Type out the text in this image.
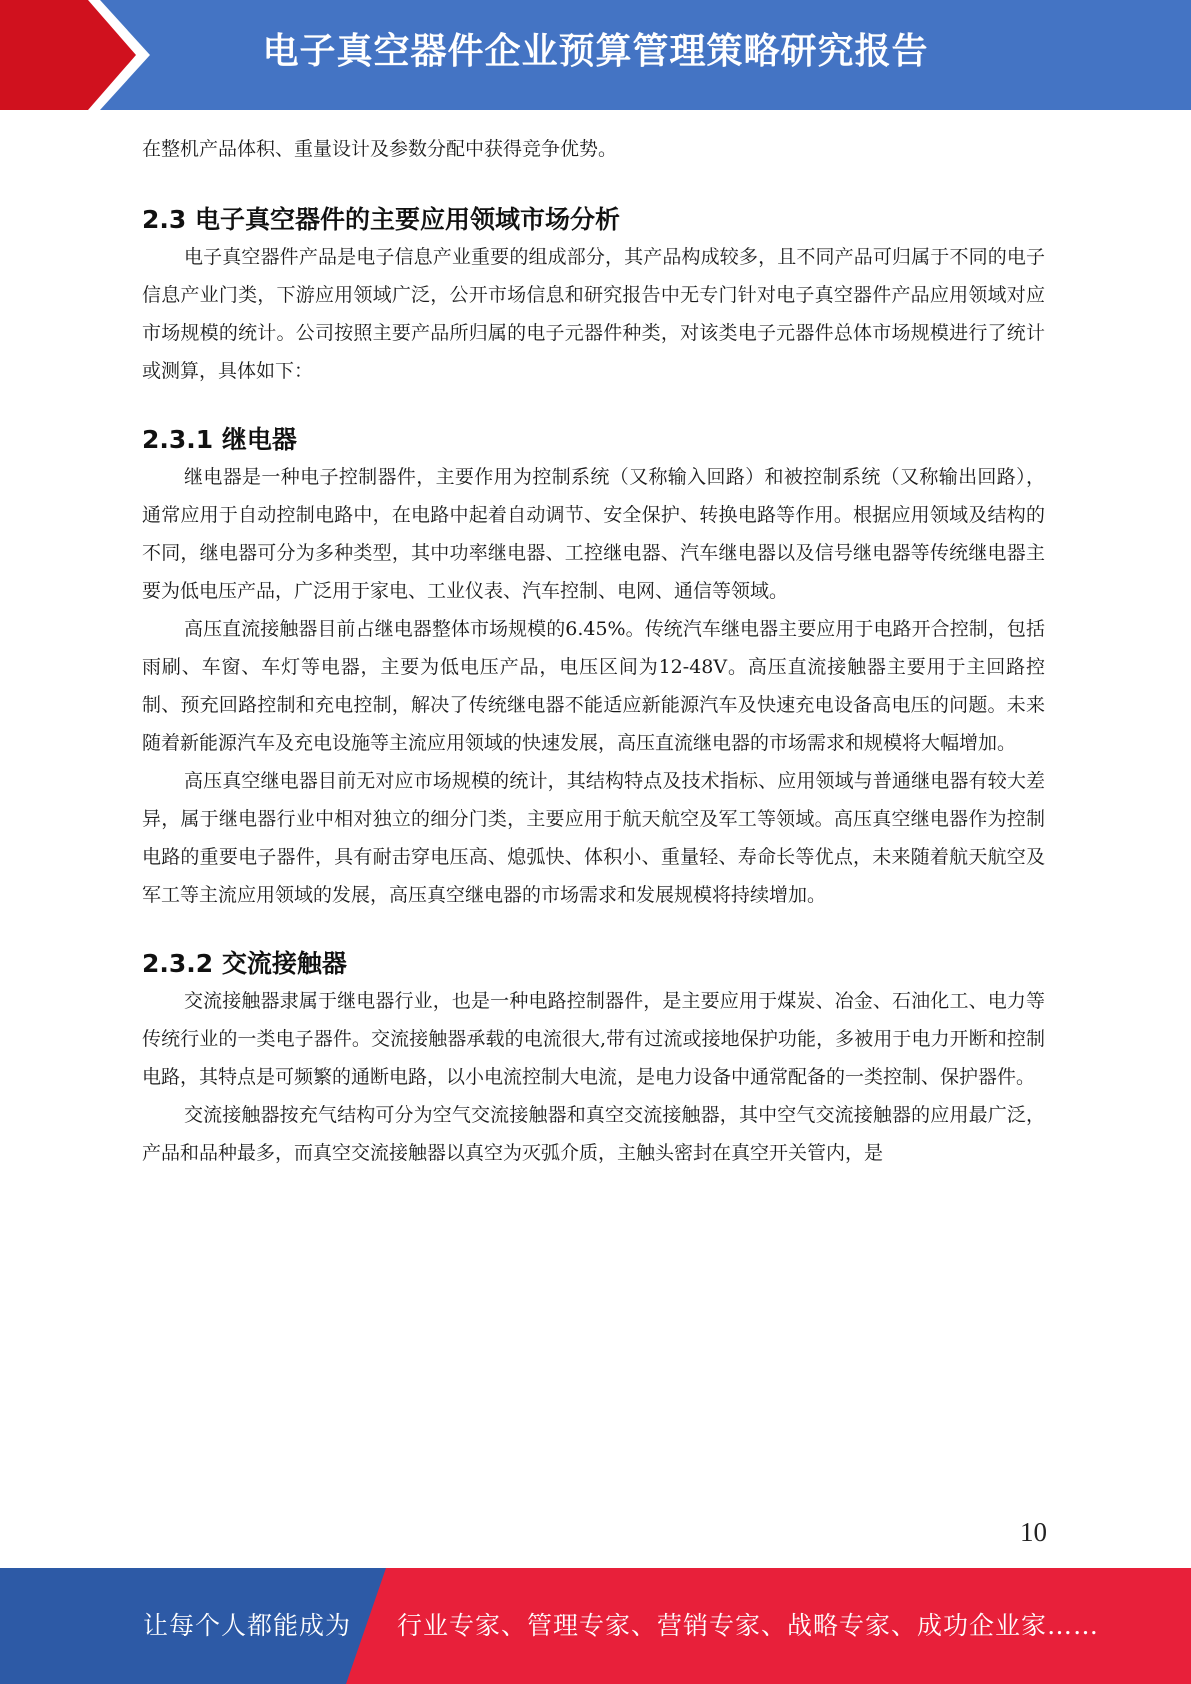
电子真空器件企业预算管理策略研究报告

在整机产品体积、重量设计及参数分配中获得竞争优势。

2.3 电子真空器件的主要应用领域市场分析

电子真空器件产品是电子信息产业重要的组成部分，其产品构成较多，且不同产品可归属于不同的电子信息产业门类，下游应用领域广泛，公开市场信息和研究报告中无专门针对电子真空器件产品应用领域对应市场规模的统计。公司按照主要产品所归属的电子元器件种类，对该类电子元器件总体市场规模进行了统计或测算，具体如下：

2.3.1 继电器

继电器是一种电子控制器件，主要作用为控制系统（又称输入回路）和被控制系统（又称输出回路），通常应用于自动控制电路中，在电路中起着自动调节、安全保护、转换电路等作用。根据应用领域及结构的不同，继电器可分为多种类型，其中功率继电器、工控继电器、汽车继电器以及信号继电器等传统继电器主要为低电压产品，广泛用于家电、工业仪表、汽车控制、电网、通信等领域。

高压直流接触器目前占继电器整体市场规模的6.45%。传统汽车继电器主要应用于电路开合控制，包括雨刷、车窗、车灯等电器，主要为低电压产品，电压区间为12-48V。高压直流接触器主要用于主回路控制、预充回路控制和充电控制，解决了传统继电器不能适应新能源汽车及快速充电设备高电压的问题。未来随着新能源汽车及充电设施等主流应用领域的快速发展，高压直流继电器的市场需求和规模将大幅增加。

高压真空继电器目前无对应市场规模的统计，其结构特点及技术指标、应用领域与普通继电器有较大差异，属于继电器行业中相对独立的细分门类，主要应用于航天航空及军工等领域。高压真空继电器作为控制电路的重要电子器件，具有耐击穿电压高、熄弧快、体积小、重量轻、寿命长等优点，未来随着航天航空及军工等主流应用领域的发展，高压真空继电器的市场需求和发展规模将持续增加。

2.3.2 交流接触器

交流接触器隶属于继电器行业，也是一种电路控制器件，是主要应用于煤炭、冶金、石油化工、电力等传统行业的一类电子器件。交流接触器承载的电流很大,带有过流或接地保护功能，多被用于电力开断和控制电路，其特点是可频繁的通断电路，以小电流控制大电流，是电力设备中通常配备的一类控制、保护器件。

交流接触器按充气结构可分为空气交流接触器和真空交流接触器，其中空气交流接触器的应用最广泛，产品和品种最多，而真空交流接触器以真空为灭弧介质，主触头密封在真空开关管内，是

10
让每个人都能成为 行业专家、管理专家、营销专家、战略专家、成功企业家……
